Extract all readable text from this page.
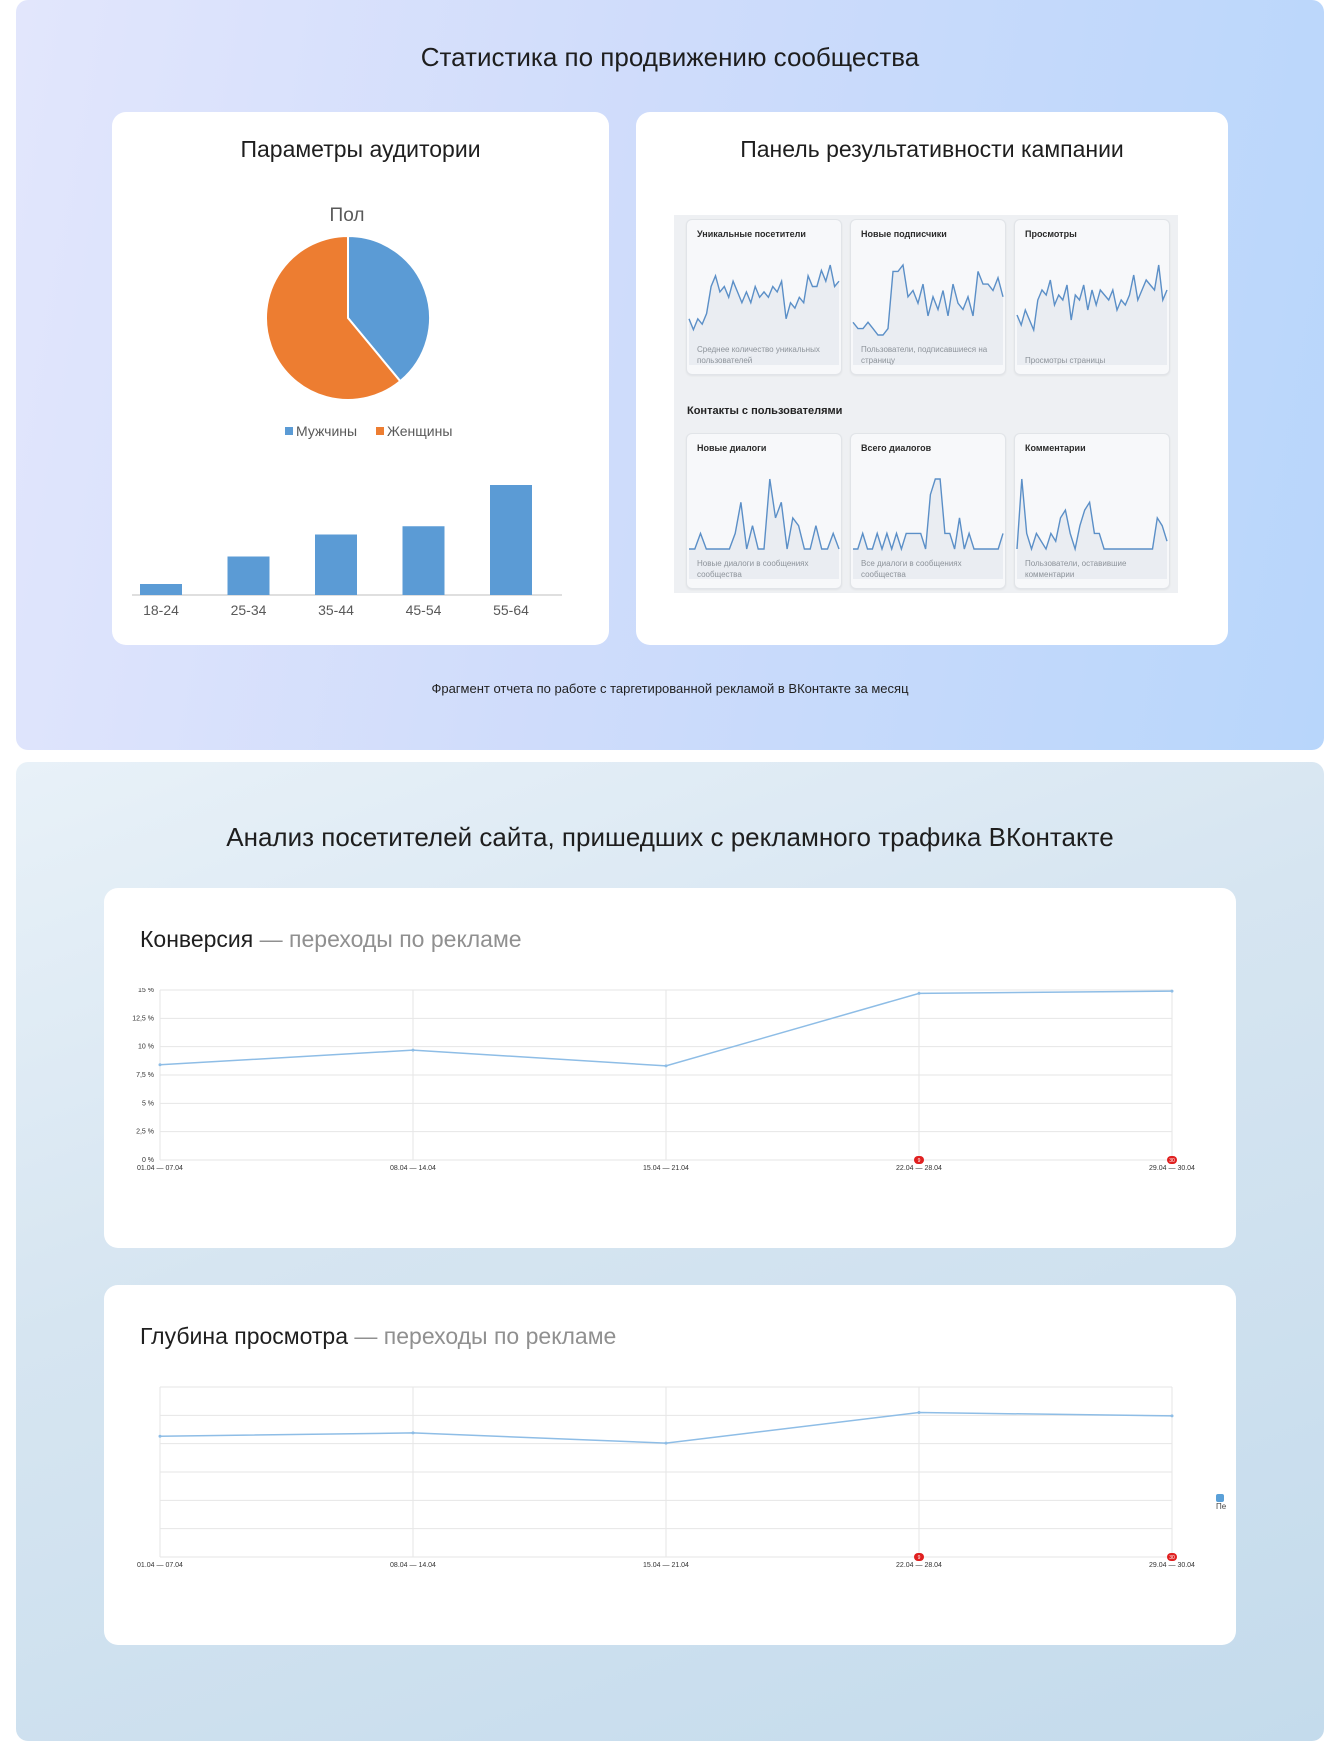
Статистика по продвижению сообщества
Параметры аудитории
Пол
Мужчины Женщины
18-24	25-34	35-44	45-54	55-64
Панель результативности кампании
Уникальные посетители
Среднее количество уникальных пользователей
Новые подписчики
Пользователи, подписавшиеся на страницу
Просмотры
Просмотры страницы
Контакты с пользователями
Новые диалоги
Новые диалоги в сообщениях сообщества
Всего диалогов
Все диалоги в сообщениях сообщества
Комментарии
Пользователи, оставившие комментарии
Фрагмент отчета по работе с таргетированной рекламой в ВКонтакте за месяц
Анализ посетителей сайта, пришедших с рекламного трафика ВКонтакте
Конверсия — переходы по рекламе
0 %
2,5 %
5 %
7,5 %
10 %
12,5 %
15 %
01.04 — 07.04	08.04 — 14.04	15.04 — 21.04	22.04 — 28.04
9
29.04 — 30.04
30
Глубина просмотра — переходы по рекламе
01.04 — 07.04	08.04 — 14.04	15.04 — 21.04	22.04 — 28.04
9
29.04 — 30.04
30
Пе
